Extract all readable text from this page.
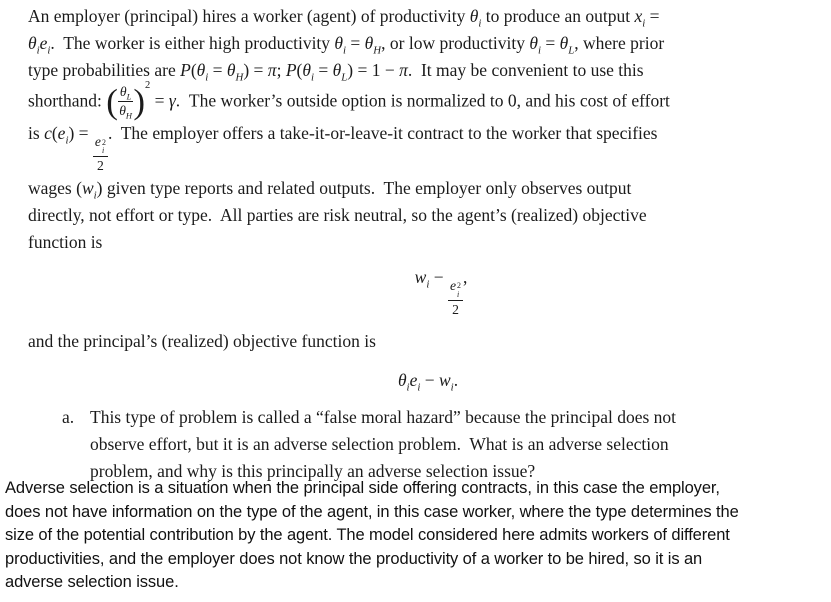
An employer (principal) hires a worker (agent) of productivity $\theta_i$ to produce an output $x_i$ =
$\theta_ie_i$.  The worker is either high productivity $\theta_i = \theta_H$, or low productivity $\theta_i = \theta_L$, where prior
type probabilities are $P(\theta_i = \theta_H) = \pi$; $P(\theta_i = \theta_L) = 1 - \pi$.  It may be convenient to use this
shorthand: ( $\frac{\theta_L}{\theta_H}$ ) 2
= γ.  The worker’s outside option is normalized to 0, and his cost of effort
is $c(e_i)$ =
e 2
i
2
.  The employer offers a take-it-or-leave-it contract to the worker that specifies
wages $(w_i)$ given type reports and related outputs.  The employer only observes output
directly, not effort or type.  All parties are risk neutral, so the agent’s (realized) objective
function is
$w_i$ −
e 2
i
2
,
and the principal’s (realized) objective function is
$\theta_ie_i - w_i$.
a. This type of problem is called a “false moral hazard” because the principal does not
observe effort, but it is an adverse selection problem.  What is an adverse selection
problem, and why is this principally an adverse selection issue?
Adverse selection is a situation when the principal side offering contracts, in this case the employer,
does not have information on the type of the agent, in this case worker, where the type determines the
size of the potential contribution by the agent. The model considered here admits workers of different
productivities, and the employer does not know the productivity of a worker to be hired, so it is an
adverse selection issue.
